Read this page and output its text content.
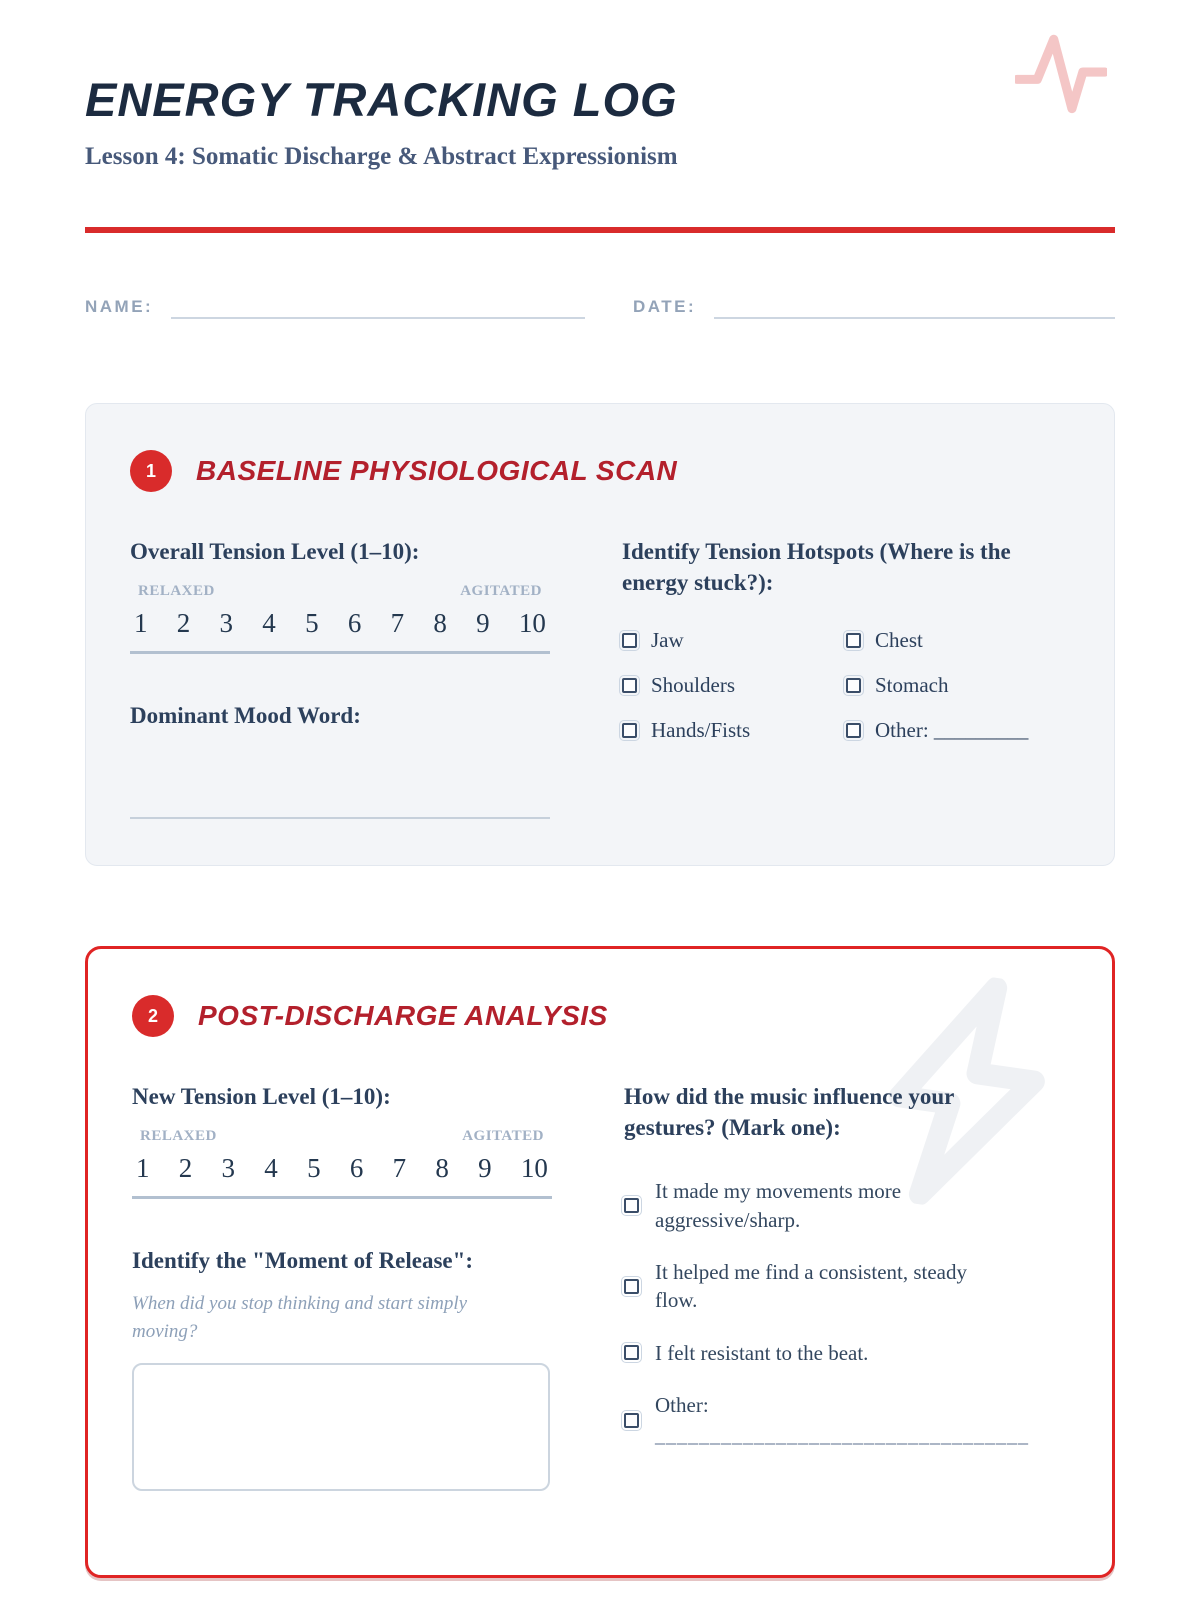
ENERGY TRACKING LOG
Lesson 4: Somatic Discharge & Abstract Expressionism
NAME:	DATE:
1	BASELINE PHYSIOLOGICAL SCAN
Overall Tension Level (1–10):
RELAXED	AGITATED
1 2 3 4 5 6 7 8 9 10
Dominant Mood Word:
Identify Tension Hotspots (Where is the energy stuck?):
Jaw	Chest
Shoulders	Stomach
Hands/Fists	Other: _________
2	POST-DISCHARGE ANALYSIS
New Tension Level (1–10):
RELAXED	AGITATED
1 2 3 4 5 6 7 8 9 10
Identify the "Moment of Release":
When did you stop thinking and start simply moving?
How did the music influence your gestures? (Mark one):
It made my movements more aggressive/sharp.
It helped me find a consistent, steady flow.
I felt resistant to the beat.
Other:
__________________________________
